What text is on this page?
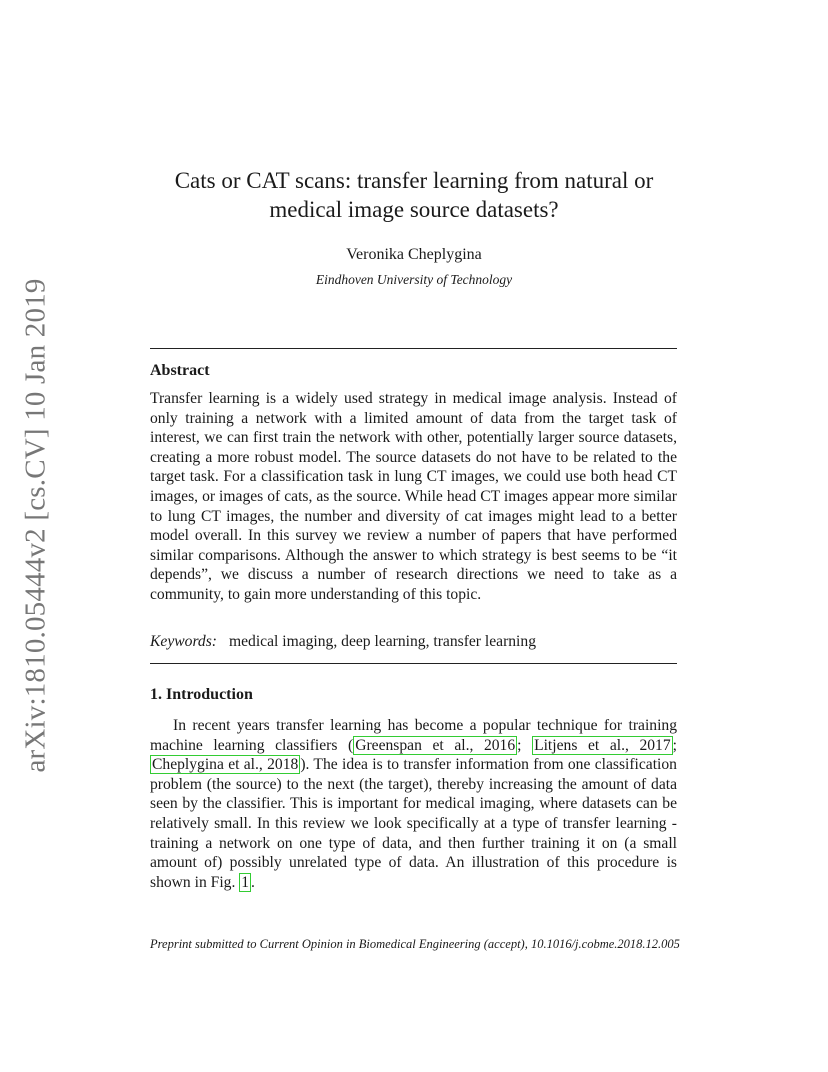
arXiv:1810.05444v2 [cs.CV] 10 Jan 2019
Cats or CAT scans: transfer learning from natural or
medical image source datasets?
Veronika Cheplygina
Eindhoven University of Technology
Abstract
Transfer learning is a widely used strategy in medical image analysis. Instead of only training a network with a limited amount of data from the target task of interest, we can first train the network with other, potentially larger source datasets, creating a more robust model. The source datasets do not have to be related to the target task. For a classification task in lung CT images, we could use both head CT images, or images of cats, as the source. While head CT images appear more similar to lung CT images, the number and diversity of cat images might lead to a better model overall. In this survey we review a number of papers that have performed similar comparisons. Although the answer to which strategy is best seems to be “it depends”, we discuss a number of research directions we need to take as a community, to gain more understanding of this topic.
Keywords: medical imaging, deep learning, transfer learning
1. Introduction
In recent years transfer learning has become a popular technique for training machine learning classifiers ( Greenspan et al., 2016 ; Litjens et al., 2017 ; Cheplygina et al., 2018 ). The idea is to transfer information from one classification problem (the source) to the next (the target), thereby increasing the amount of data seen by the classifier. This is important for medical imaging, where datasets can be relatively small. In this review we look specifically at a type of transfer learning - training a network on one type of data, and then further training it on (a small amount of) possibly unrelated type of data. An illustration of this procedure is shown in Fig. 1 .
Preprint submitted to Current Opinion in Biomedical Engineering (accept), 10.1016/j.cobme.2018.12.005
